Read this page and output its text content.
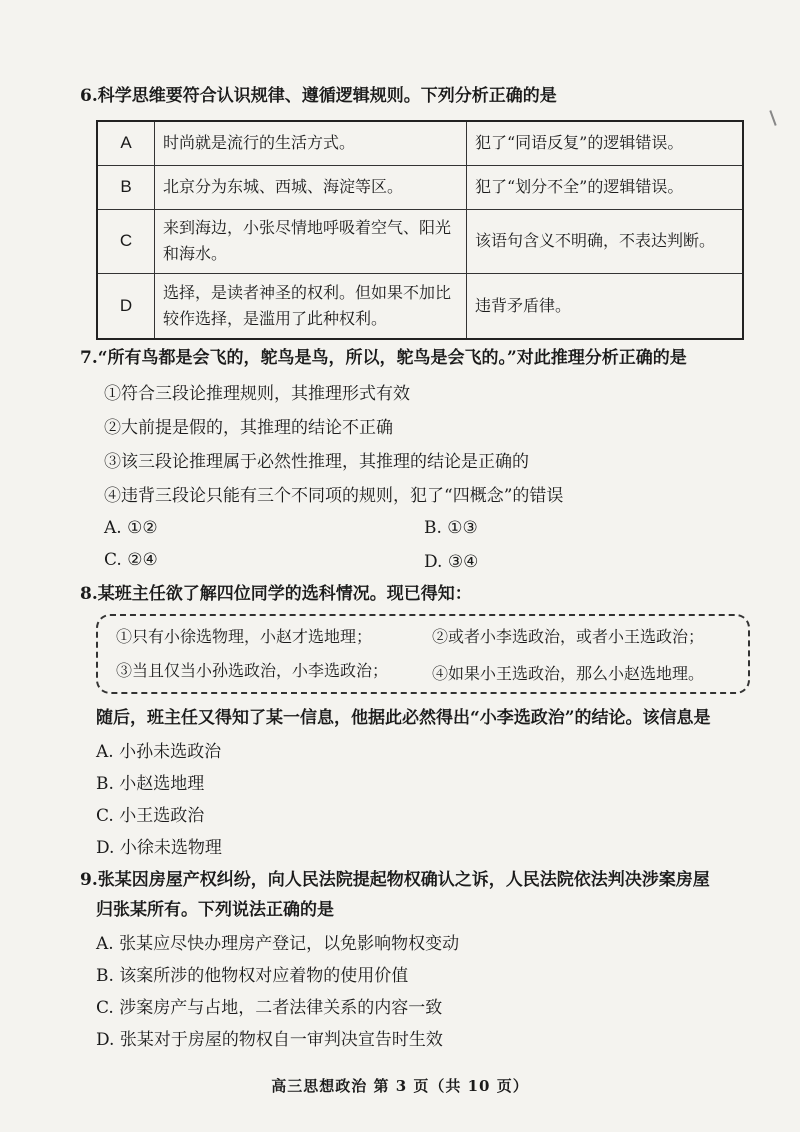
6.科学思维要符合认识规律、遵循逻辑规则。下列分析正确的是
A	时尚就是流行的生活方式。	犯了“同语反复”的逻辑错误。
B	北京分为东城、西城、海淀等区。	犯了“划分不全”的逻辑错误。
C	来到海边，小张尽情地呼吸着空气、阳光和海水。	该语句含义不明确，不表达判断。
D	选择，是读者神圣的权利。但如果不加比较作选择，是滥用了此种权利。	违背矛盾律。
7.“所有鸟都是会飞的，鸵鸟是鸟，所以，鸵鸟是会飞的。”对此推理分析正确的是
①符合三段论推理规则，其推理形式有效
②大前提是假的，其推理的结论不正确
③该三段论推理属于必然性推理，其推理的结论是正确的
④违背三段论只能有三个不同项的规则，犯了“四概念”的错误
A. ①②	B. ①③
C. ②④	D. ③④
8.某班主任欲了解四位同学的选科情况。现已得知：
①只有小徐选物理，小赵才选地理；	②或者小李选政治，或者小王选政治；
③当且仅当小孙选政治，小李选政治；	④如果小王选政治，那么小赵选地理。
随后，班主任又得知了某一信息，他据此必然得出“小李选政治”的结论。该信息是
A. 小孙未选政治
B. 小赵选地理
C. 小王选政治
D. 小徐未选物理
9.张某因房屋产权纠纷，向人民法院提起物权确认之诉，人民法院依法判决涉案房屋
归张某所有。下列说法正确的是
A. 张某应尽快办理房产登记，以免影响物权变动
B. 该案所涉的他物权对应着物的使用价值
C. 涉案房产与占地，二者法律关系的内容一致
D. 张某对于房屋的物权自一审判决宣告时生效
高三思想政治 第 3 页（共 10 页）
